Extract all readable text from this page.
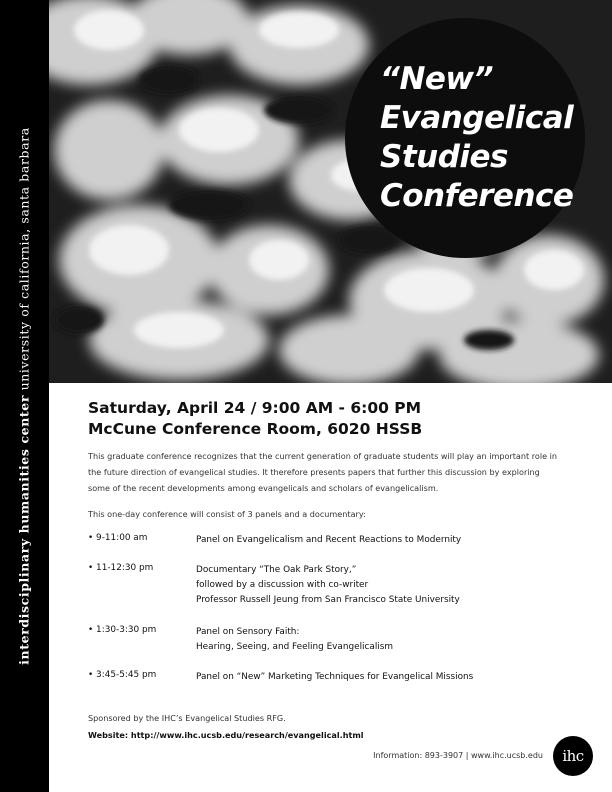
interdisciplinary humanities center university of california, santa barbara
“New”
Evangelical
Studies
Conference

Saturday, April 24 / 9:00 AM - 6:00 PM

McCune Conference Room, 6020 HSSB

This graduate conference recognizes that the current generation of graduate students will play an important role in the future direction of evangelical studies. It therefore presents papers that further this discussion by exploring some of the recent developments among evangelicals and scholars of evangelicalism.

This one-day conference will consist of 3 panels and a documentary:

• 9-11:00 am	Panel on Evangelicalism and Recent Reactions to Modernity
• 11-12:30 pm	Documentary “The Oak Park Story,”
followed by a discussion with co-writer
Professor Russell Jeung from San Francisco State University
• 1:30-3:30 pm	Panel on Sensory Faith:
Hearing, Seeing, and Feeling Evangelicalism
• 3:45-5:45 pm	Panel on “New” Marketing Techniques for Evangelical Missions
Sponsored by the IHC’s Evangelical Studies RFG.
Website: http://www.ihc.ucsb.edu/research/evangelical.html
Information: 893-3907 | www.ihc.ucsb.edu	ihc
